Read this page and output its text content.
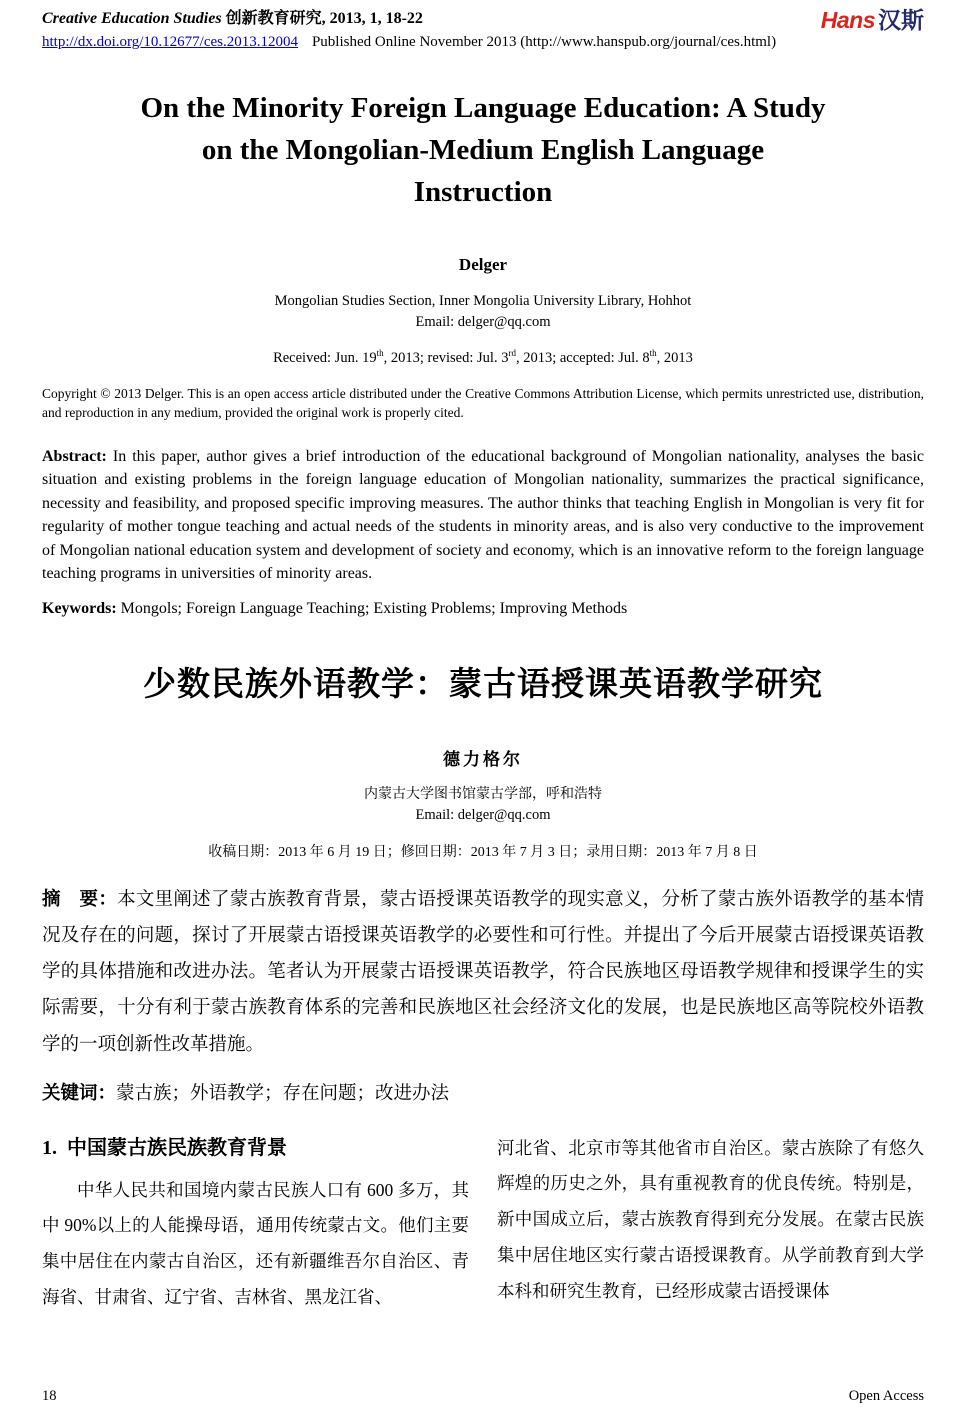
Creative Education Studies 创新教育研究, 2013, 1, 18-22
http://dx.doi.org/10.12677/ces.2013.12004 Published Online November 2013 (http://www.hanspub.org/journal/ces.html)
Hans 汉斯
On the Minority Foreign Language Education: A Study
on the Mongolian-Medium English Language
Instruction

Delger

Mongolian Studies Section, Inner Mongolia University Library, Hohhot

Email: delger@qq.com

Received: Jun. 19th, 2013; revised: Jul. 3rd, 2013; accepted: Jul. 8th, 2013

Copyright © 2013 Delger. This is an open access article distributed under the Creative Commons Attribution License, which permits unrestricted use, distribution, and reproduction in any medium, provided the original work is properly cited.

Abstract: In this paper, author gives a brief introduction of the educational background of Mongolian nationality, analyses the basic situation and existing problems in the foreign language education of Mongolian nationality, summarizes the practical significance, necessity and feasibility, and proposed specific improving measures. The author thinks that teaching English in Mongolian is very fit for regularity of mother tongue teaching and actual needs of the students in minority areas, and is also very conductive to the improvement of Mongolian national education system and development of society and economy, which is an innovative reform to the foreign language teaching programs in universities of minority areas.

Keywords: Mongols; Foreign Language Teaching; Existing Problems; Improving Methods

少数民族外语教学：蒙古语授课英语教学研究

德力格尔

内蒙古大学图书馆蒙古学部，呼和浩特

Email: delger@qq.com

收稿日期：2013 年 6 月 19 日；修回日期：2013 年 7 月 3 日；录用日期：2013 年 7 月 8 日

摘　要：本文里阐述了蒙古族教育背景，蒙古语授课英语教学的现实意义，分析了蒙古族外语教学的基本情况及存在的问题，探讨了开展蒙古语授课英语教学的必要性和可行性。并提出了今后开展蒙古语授课英语教学的具体措施和改进办法。笔者认为开展蒙古语授课英语教学，符合民族地区母语教学规律和授课学生的实际需要，十分有利于蒙古族教育体系的完善和民族地区社会经济文化的发展，也是民族地区高等院校外语教学的一项创新性改革措施。

关键词：蒙古族；外语教学；存在问题；改进办法

1. 中国蒙古族民族教育背景

中华人民共和国境内蒙古民族人口有 600 多万，其中 90%以上的人能操母语，通用传统蒙古文。他们主要集中居住在内蒙古自治区，还有新疆维吾尔自治区、青海省、甘肃省、辽宁省、吉林省、黑龙江省、

河北省、北京市等其他省市自治区。蒙古族除了有悠久辉煌的历史之外，具有重视教育的优良传统。特别是，新中国成立后，蒙古族教育得到充分发展。在蒙古民族集中居住地区实行蒙古语授课教育。从学前教育到大学本科和研究生教育，已经形成蒙古语授课体

18	Open Access
